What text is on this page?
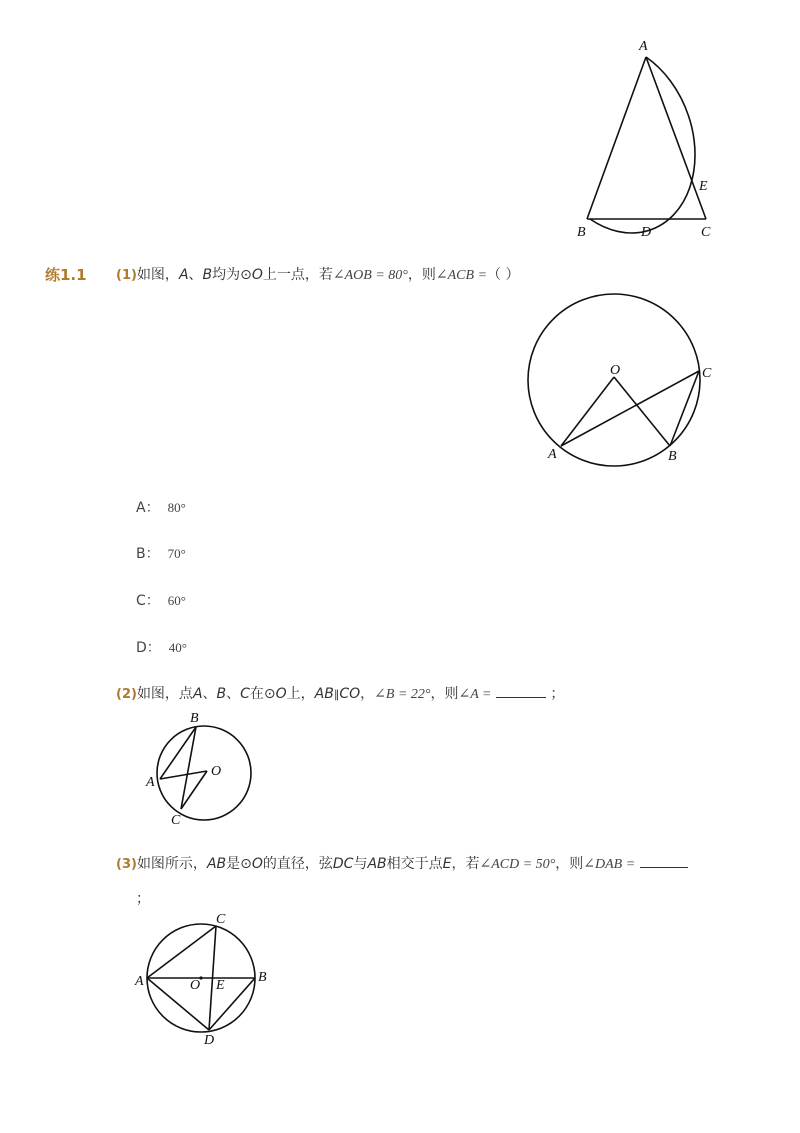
A
E
B	D	C
练1.1 (1)如图，A、B均为⊙O上一点，若∠AOB = 80°，则∠ACB =（ ）
O	C
A	B
A： 80°
B： 70°
C： 60°
D： 40°
(2)如图，点A、B、C在⊙O上，AB∥CO，∠B = 22°，则∠A =	；
B
A
O
C
(3)如图所示，AB是⊙O的直径，弦DC与AB相交于点E，若∠ACD = 50°，则∠DAB =
；
C
A	O E
B
D
